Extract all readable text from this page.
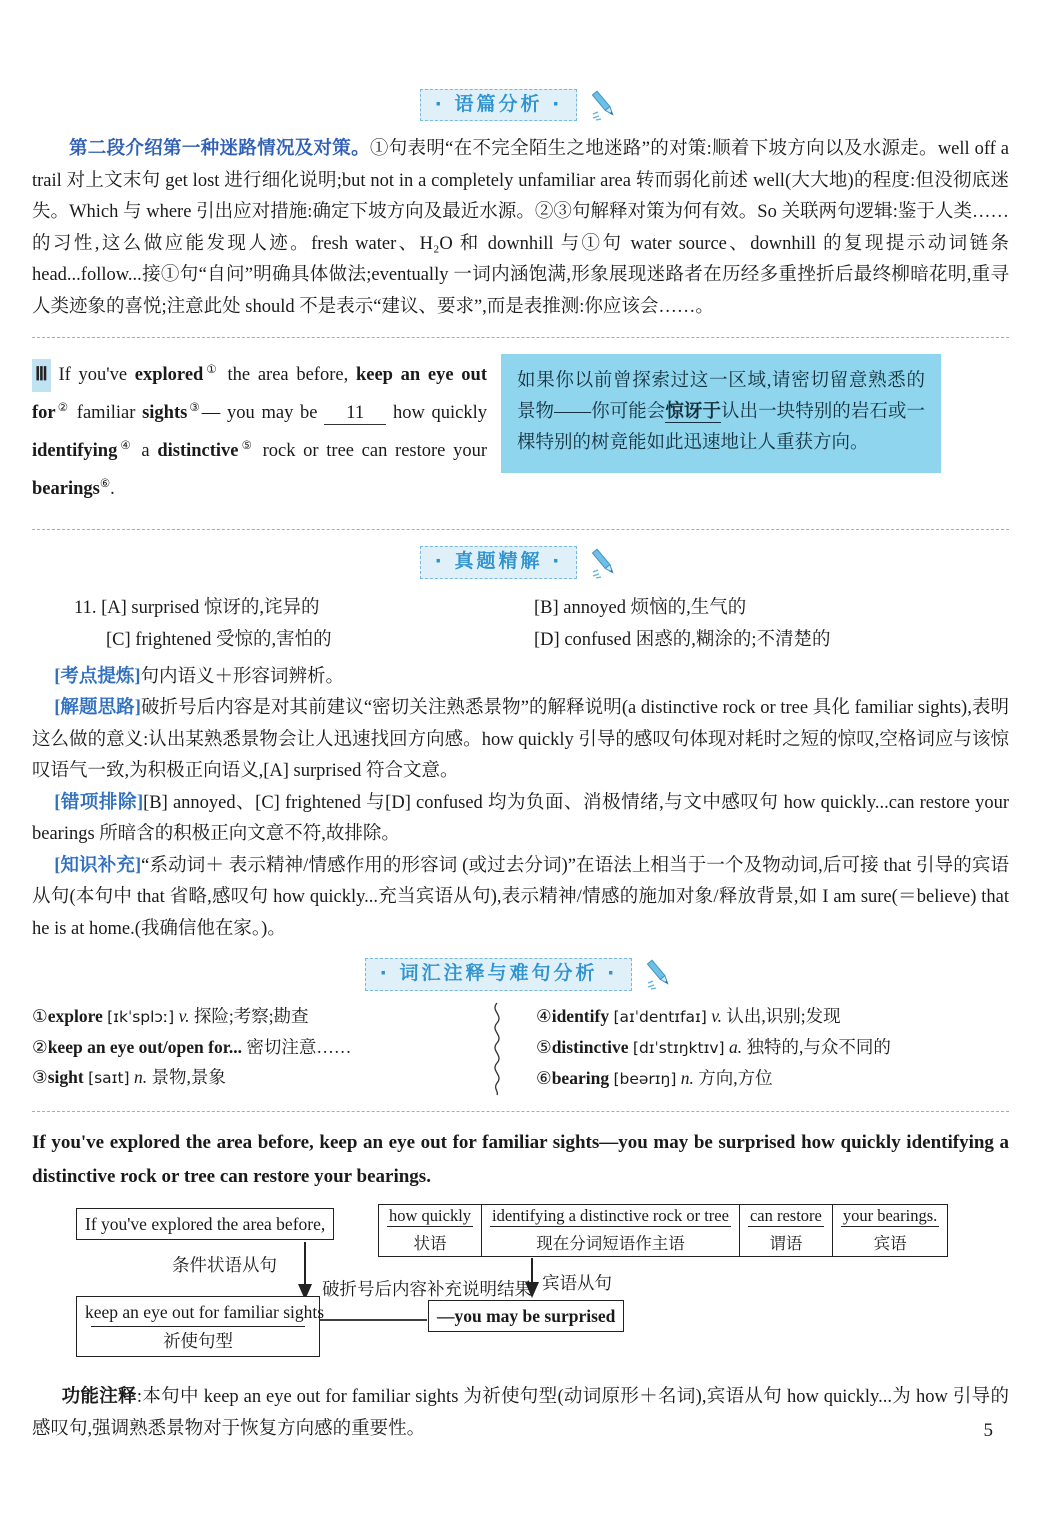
· 语篇分析 ·

第二段介绍第一种迷路情况及对策。①句表明“在不完全陌生之地迷路”的对策:顺着下坡方向以及水源走。well off a trail 对上文末句 get lost 进行细化说明;but not in a completely unfamiliar area 转而弱化前述 well(大大地)的程度:但没彻底迷失。Which 与 where 引出应对措施:确定下坡方向及最近水源。②③句解释对策为何有效。So 关联两句逻辑:鉴于人类……的习性,这么做应能发现人迹。fresh water、H₂O 和 downhill 与①句 water source、downhill 的复现提示动词链条 head...follow...接①句“自问”明确具体做法;eventually 一词内涵饱满,形象展现迷路者在历经多重挫折后最终柳暗花明,重寻人类迹象的喜悦;注意此处 should 不是表示“建议、要求”,而是表推测:你应该会……。

Ⅲ If you've explored① the area before, keep an eye out for② familiar sights③— you may be 11 how quickly identifying④ a distinctive⑤ rock or tree can restore your bearings⑥.
如果你以前曾探索过这一区域,请密切留意熟悉的景物——你可能会惊讶于认出一块特别的岩石或一棵特别的树竟能如此迅速地让人重获方向。
· 真题精解 ·
11. [A] surprised 惊讶的,诧异的	[B] annoyed 烦恼的,生气的
[C] frightened 受惊的,害怕的	[D] confused 困惑的,糊涂的;不清楚的

[考点提炼]句内语义＋形容词辨析。

[解题思路]破折号后内容是对其前建议“密切关注熟悉景物”的解释说明(a distinctive rock or tree 具化 familiar sights),表明这么做的意义:认出某熟悉景物会让人迅速找回方向感。how quickly 引导的感叹句体现对耗时之短的惊叹,空格词应与该惊叹语气一致,为积极正向语义,[A] surprised 符合文意。

[错项排除][B] annoyed、[C] frightened 与[D] confused 均为负面、消极情绪,与文中感叹句 how quickly...can restore your bearings 所暗含的积极正向文意不符,故排除。

[知识补充]“系动词＋ 表示精神/情感作用的形容词 (或过去分词)”在语法上相当于一个及物动词,后可接 that 引导的宾语从句(本句中 that 省略,感叹句 how quickly...充当宾语从句),表示精神/情感的施加对象/释放背景,如 I am sure(＝believe) that he is at home.(我确信他在家。)。

· 词汇注释与难句分析 ·
①explore [ɪkˈsplɔː] v. 探险;考察;勘查
②keep an eye out/open for... 密切注意……
③sight [saɪt] n. 景物,景象
④identify [aɪˈdentɪfaɪ] v. 认出,识别;发现
⑤distinctive [dɪˈstɪŋktɪv] a. 独特的,与众不同的
⑥bearing [beərɪŋ] n. 方向,方位
If you've explored the area before, keep an eye out for familiar sights—you may be surprised how quickly identifying a distinctive rock or tree can restore your bearings.
If you've explored the area before,
条件状语从句
keep an eye out for familiar sights
祈使句型
破折号后内容补充说明结果 宾语从句
—you may be surprised
how quickly	identifying a distinctive rock or tree	can restore	your bearings.
状语	现在分词短语作主语	谓语	宾语

功能注释:本句中 keep an eye out for familiar sights 为祈使句型(动词原形＋名词),宾语从句 how quickly...为 how 引导的感叹句,强调熟悉景物对于恢复方向感的重要性。	5
